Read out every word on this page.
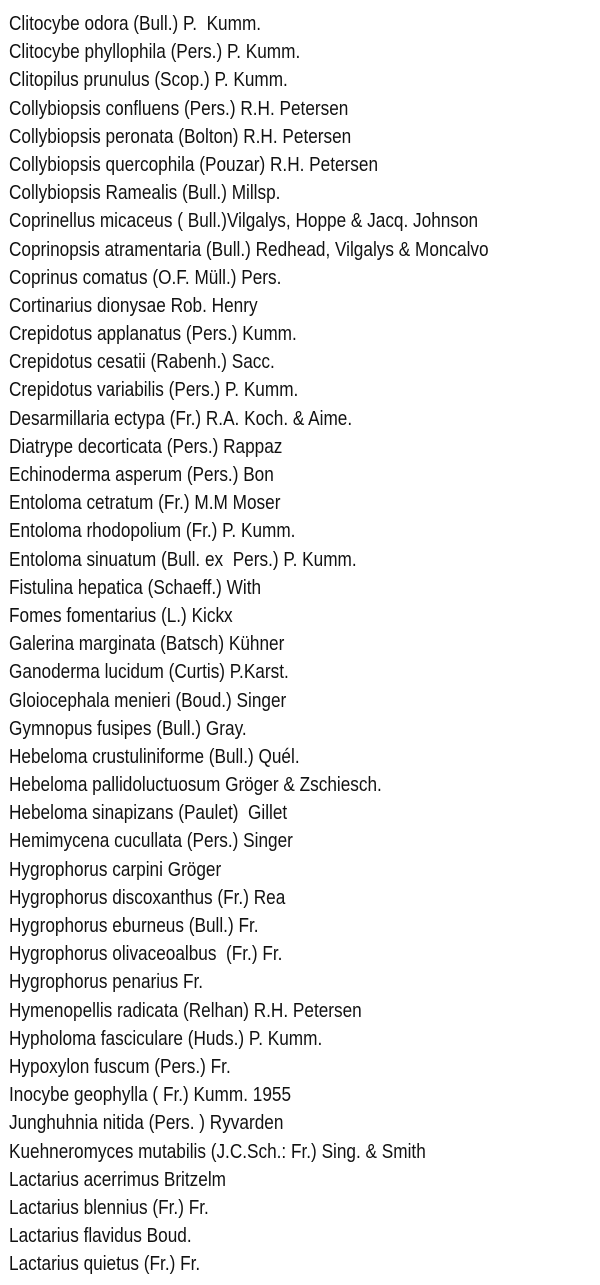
Clitocybe odora (Bull.) P.  Kumm.
Clitocybe phyllophila (Pers.) P. Kumm.
Clitopilus prunulus (Scop.) P. Kumm.
Collybiopsis confluens (Pers.) R.H. Petersen
Collybiopsis peronata (Bolton) R.H. Petersen
Collybiopsis quercophila (Pouzar) R.H. Petersen
Collybiopsis Ramealis (Bull.) Millsp.
Coprinellus micaceus ( Bull.)Vilgalys, Hoppe & Jacq. Johnson
Coprinopsis atramentaria (Bull.) Redhead, Vilgalys & Moncalvo
Coprinus comatus (O.F. Müll.) Pers.
Cortinarius dionysae Rob. Henry
Crepidotus applanatus (Pers.) Kumm.
Crepidotus cesatii (Rabenh.) Sacc.
Crepidotus variabilis (Pers.) P. Kumm.
Desarmillaria ectypa (Fr.) R.A. Koch. & Aime.
Diatrype decorticata (Pers.) Rappaz
Echinoderma asperum (Pers.) Bon
Entoloma cetratum (Fr.) M.M Moser
Entoloma rhodopolium (Fr.) P. Kumm.
Entoloma sinuatum (Bull. ex  Pers.) P. Kumm.
Fistulina hepatica (Schaeff.) With
Fomes fomentarius (L.) Kickx
Galerina marginata (Batsch) Kühner
Ganoderma lucidum (Curtis) P.Karst.
Gloiocephala menieri (Boud.) Singer
Gymnopus fusipes (Bull.) Gray.
Hebeloma crustuliniforme (Bull.) Quél.
Hebeloma pallidoluctuosum Gröger & Zschiesch.
Hebeloma sinapizans (Paulet)  Gillet
Hemimycena cucullata (Pers.) Singer
Hygrophorus carpini Gröger
Hygrophorus discoxanthus (Fr.) Rea
Hygrophorus eburneus (Bull.) Fr.
Hygrophorus olivaceoalbus  (Fr.) Fr.
Hygrophorus penarius Fr.
Hymenopellis radicata (Relhan) R.H. Petersen
Hypholoma fasciculare (Huds.) P. Kumm.
Hypoxylon fuscum (Pers.) Fr.
Inocybe geophylla ( Fr.) Kumm. 1955
Junghuhnia nitida (Pers. ) Ryvarden
Kuehneromyces mutabilis (J.C.Sch.: Fr.) Sing. & Smith
Lactarius acerrimus Britzelm
Lactarius blennius (Fr.) Fr.
Lactarius flavidus Boud.
Lactarius quietus (Fr.) Fr.
